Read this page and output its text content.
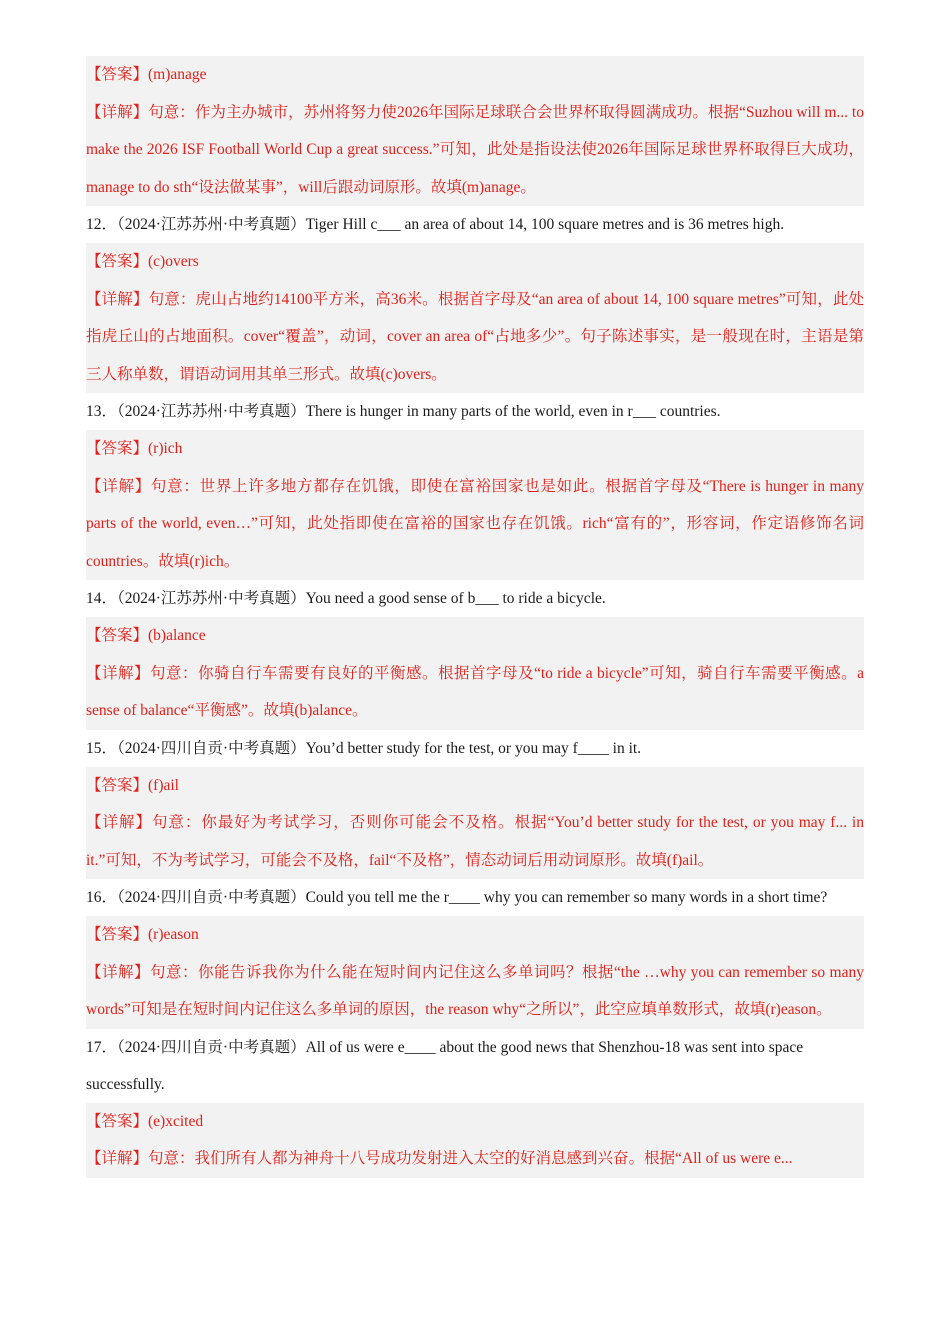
【答案】(m)anage
【详解】句意：作为主办城市，苏州将努力使2026年国际足球联合会世界杯取得圆满成功。根据“Suzhou will m... to make the 2026 ISF Football World Cup a great success.”可知，此处是指设法使2026年国际足球世界杯取得巨大成功，manage to do sth“设法做某事”，will后跟动词原形。故填(m)anage。
12．（2024·江苏苏州·中考真题）Tiger Hill c___ an area of about 14, 100 square metres and is 36 metres high.
【答案】(c)overs
【详解】句意：虎山占地约14100平方米，高36米。根据首字母及“an area of about 14, 100 square metres”可知，此处指虎丘山的占地面积。cover“覆盖”，动词，cover an area of“占地多少”。句子陈述事实，是一般现在时，主语是第三人称单数，谓语动词用其单三形式。故填(c)overs。
13．（2024·江苏苏州·中考真题）There is hunger in many parts of the world, even in r___ countries.
【答案】(r)ich
【详解】句意：世界上许多地方都存在饥饿，即使在富裕国家也是如此。根据首字母及“There is hunger in many parts of the world, even…”可知，此处指即使在富裕的国家也存在饥饿。rich“富有的”，形容词，作定语修饰名词countries。故填(r)ich。
14．（2024·江苏苏州·中考真题）You need a good sense of b___ to ride a bicycle.
【答案】(b)alance
【详解】句意：你骑自行车需要有良好的平衡感。根据首字母及“to ride a bicycle”可知，骑自行车需要平衡感。a sense of balance“平衡感”。故填(b)alance。
15．（2024·四川自贡·中考真题）You’d better study for the test, or you may f____ in it.
【答案】(f)ail
【详解】句意：你最好为考试学习，否则你可能会不及格。根据“You’d better study for the test, or you may f... in it.”可知，不为考试学习，可能会不及格，fail“不及格”，情态动词后用动词原形。故填(f)ail。
16．（2024·四川自贡·中考真题）Could you tell me the r____ why you can remember so many words in a short time?
【答案】(r)eason
【详解】句意：你能告诉我你为什么能在短时间内记住这么多单词吗？根据“the …why you can remember so many words”可知是在短时间内记住这么多单词的原因，the reason why“之所以”，此空应填单数形式，故填(r)eason。
17．（2024·四川自贡·中考真题）All of us were e____ about the good news that Shenzhou-18 was sent into space successfully.
【答案】(e)xcited
【详解】句意：我们所有人都为神舟十八号成功发射进入太空的好消息感到兴奋。根据“All of us were e...
